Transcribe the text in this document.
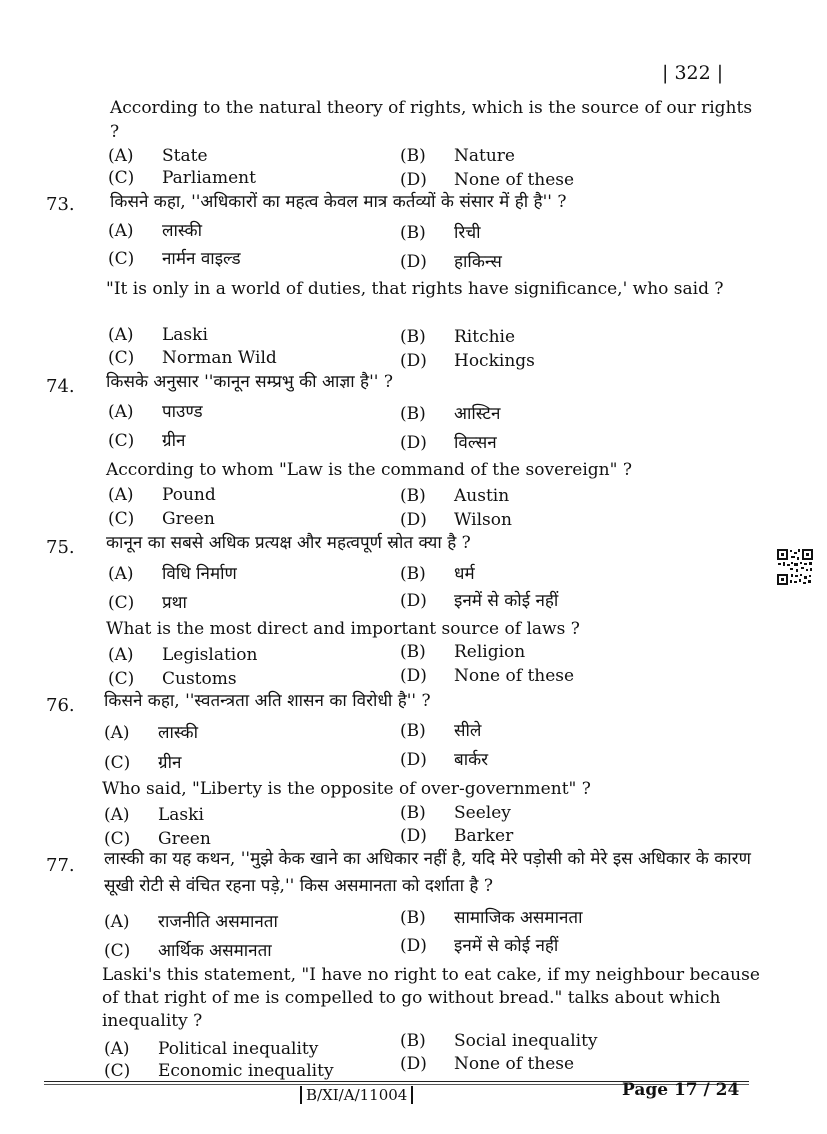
| 322 |
According to the natural theory of rights, which is the source of our rights ?
(A) State	(B) Nature
(C) Parliament	(D) None of these
73. किसने कहा, ''अधिकारों का महत्व केवल मात्र कर्तव्यों के संसार में ही है'' ?
(A) लास्की	(B) रिची
(C) नार्मन वाइल्ड	(D) हाकिन्स
"It is only in a world of duties, that rights have significance,' who said ?
(A) Laski	(B) Ritchie
(C) Norman Wild	(D) Hockings
74. किसके अनुसार ''कानून सम्प्रभु की आज्ञा है'' ?
(A) पाउण्ड	(B) आस्टिन
(C) ग्रीन	(D) विल्सन
According to whom "Law is the command of the sovereign" ?
(A) Pound	(B) Austin
(C) Green	(D) Wilson
75. कानून का सबसे अधिक प्रत्यक्ष और महत्वपूर्ण स्रोत क्या है ?
(A) विधि निर्माण	(B) धर्म
(C) प्रथा	(D) इनमें से कोई नहीं
What is the most direct and important source of laws ?
(A) Legislation	(B) Religion
(C) Customs	(D) None of these
76. किसने कहा, ''स्वतन्त्रता अति शासन का विरोधी है'' ?
(A) लास्की	(B) सीले
(C) ग्रीन	(D) बार्कर
Who said, "Liberty is the opposite of over-government" ?
(A) Laski	(B) Seeley
(C) Green	(D) Barker
77. लास्की का यह कथन, ''मुझे केक खाने का अधिकार नहीं है, यदि मेरे पड़ोसी को मेरे इस अधिकार के कारण सूखी रोटी से वंचित रहना पड़े,'' किस असमानता को दर्शाता है ?
(A) राजनीति असमानता	(B) सामाजिक असमानता
(C) आर्थिक असमानता	(D) इनमें से कोई नहीं
Laski's this statement, "I have no right to eat cake, if my neighbour because of that right of me is compelled to go without bread." talks about which inequality ?
(A) Political inequality	(B) Social inequality
(C) Economic inequality	(D) None of these
B/XI/A/11004	Page 17 / 24
